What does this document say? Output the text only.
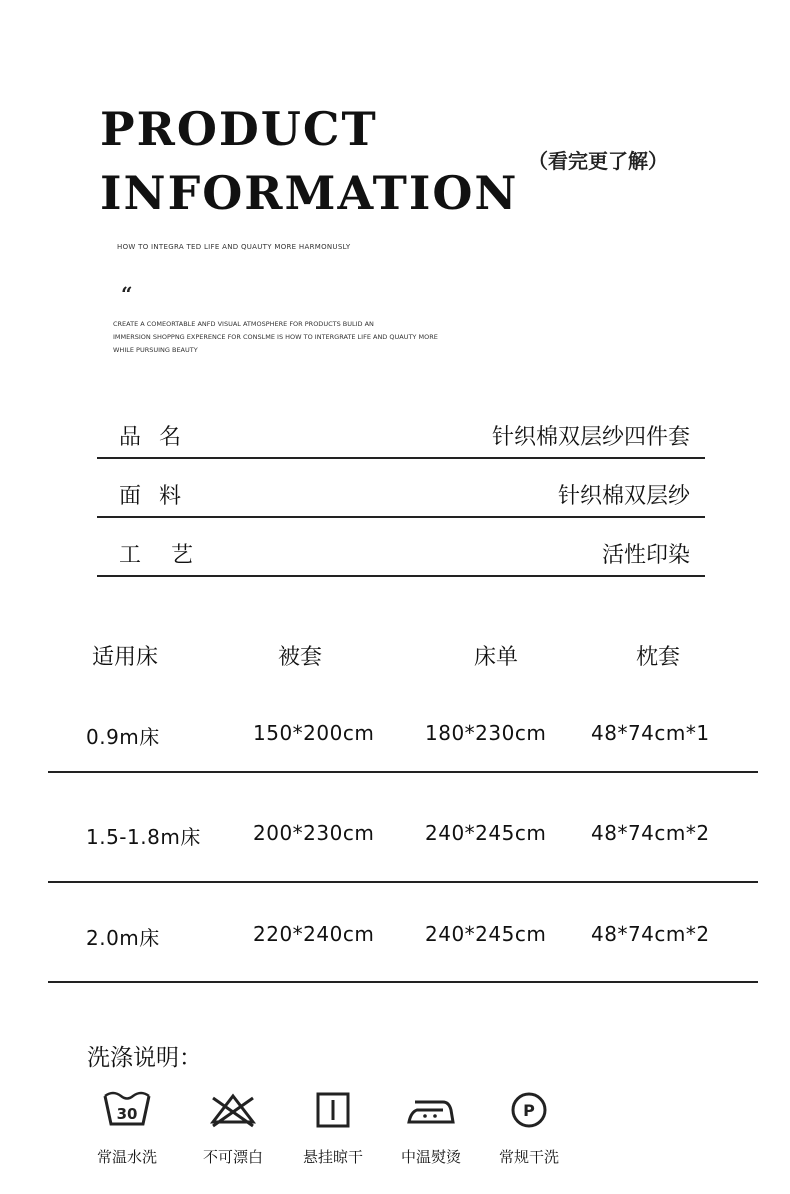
PRODUCT
INFORMATION
（看完更了解）
HOW TO INTEGRA TED LIFE AND QUAUTY MORE HARMONUSLY
“
CREATE A COMEORTABLE ANFD VISUAL ATMOSPHERE FOR PRODUCTS BULID AN
IMMERSION SHOPPNG EXPERENCE FOR CONSLME IS HOW TO INTERGRATE LIFE AND QUAUTY MORE
WHILE PURSUING BEAUTY
品名	针织棉双层纱四件套
面料	针织棉双层纱
工艺	活性印染
适用床	被套	床单	枕套
0.9m床	150*200cm	180*230cm 48*74cm*1
1.5-1.8m床	200*230cm	240*245cm 48*74cm*2
2.0m床	220*240cm	240*245cm 48*74cm*2
洗涤说明：
30
常温水洗	不可漂白	悬挂晾干	中温熨烫
P
常规干洗
